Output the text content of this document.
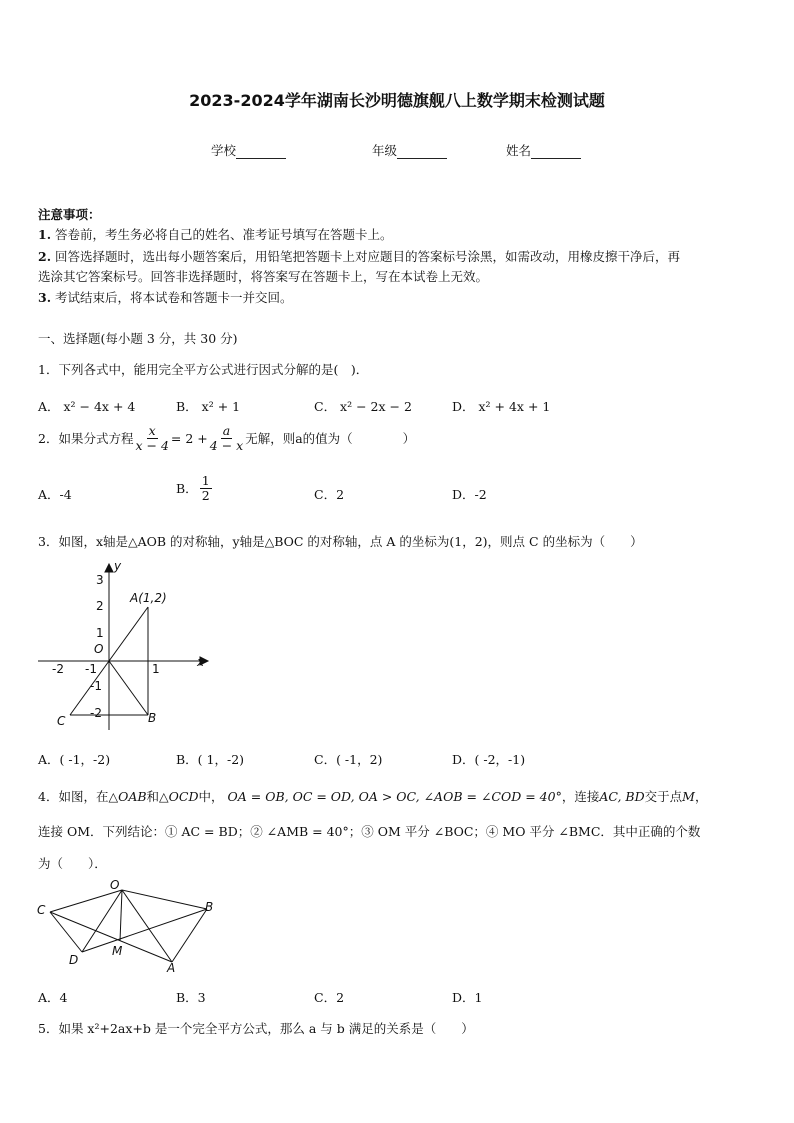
2023-2024学年湖南长沙明德旗舰八上数学期末检测试题
学校	年级	姓名
注意事项：
1. 答卷前，考生务必将自己的姓名、准考证号填写在答题卡上。
2. 回答选择题时，选出每小题答案后，用铅笔把答题卡上对应题目的答案标号涂黑，如需改动，用橡皮擦干净后，再
选涂其它答案标号。回答非选择题时，将答案写在答题卡上，写在本试卷上无效。
3. 考试结束后，将本试卷和答题卡一并交回。
一、选择题(每小题 3 分，共 30 分)
1．下列各式中，能用完全平方公式进行因式分解的是(　)．
A． x² − 4x + 4	B． x² + 1	C． x² − 2x − 2	D． x² + 4x + 1
2．如果分式方程 $\frac{x}{x - 4} = 2 + \frac{a}{4 - x}$ 无解，则a的值为（　　　　）
A．-4	B． $\frac{1}{2}$	C．2	D．-2
3．如图，x轴是△AOB 的对称轴，y轴是△BOC 的对称轴，点 A 的坐标为(1，2)，则点 C 的坐标为（　　）
A(1,2)
B
C
O
x
y
3
2
1
-1
-2
-2 -1	1
A．( -1，-2)	B．( 1，-2)	C．( -1，2)	D．( -2，-1)
4．如图，在△OAB和△OCD中， OA = OB, OC = OD, OA > OC, ∠AOB = ∠COD = 40°，连接AC, BD交于点M，
连接 OM．下列结论：① AC = BD；② ∠AMB = 40°；③ OM 平分 ∠BOC；④ MO 平分 ∠BMC．其中正确的个数
为（　　）．
O
B
C
D
M
A
A．4	B．3	C．2	D．1
5．如果 x²+2ax+b 是一个完全平方公式，那么 a 与 b 满足的关系是（　　）
